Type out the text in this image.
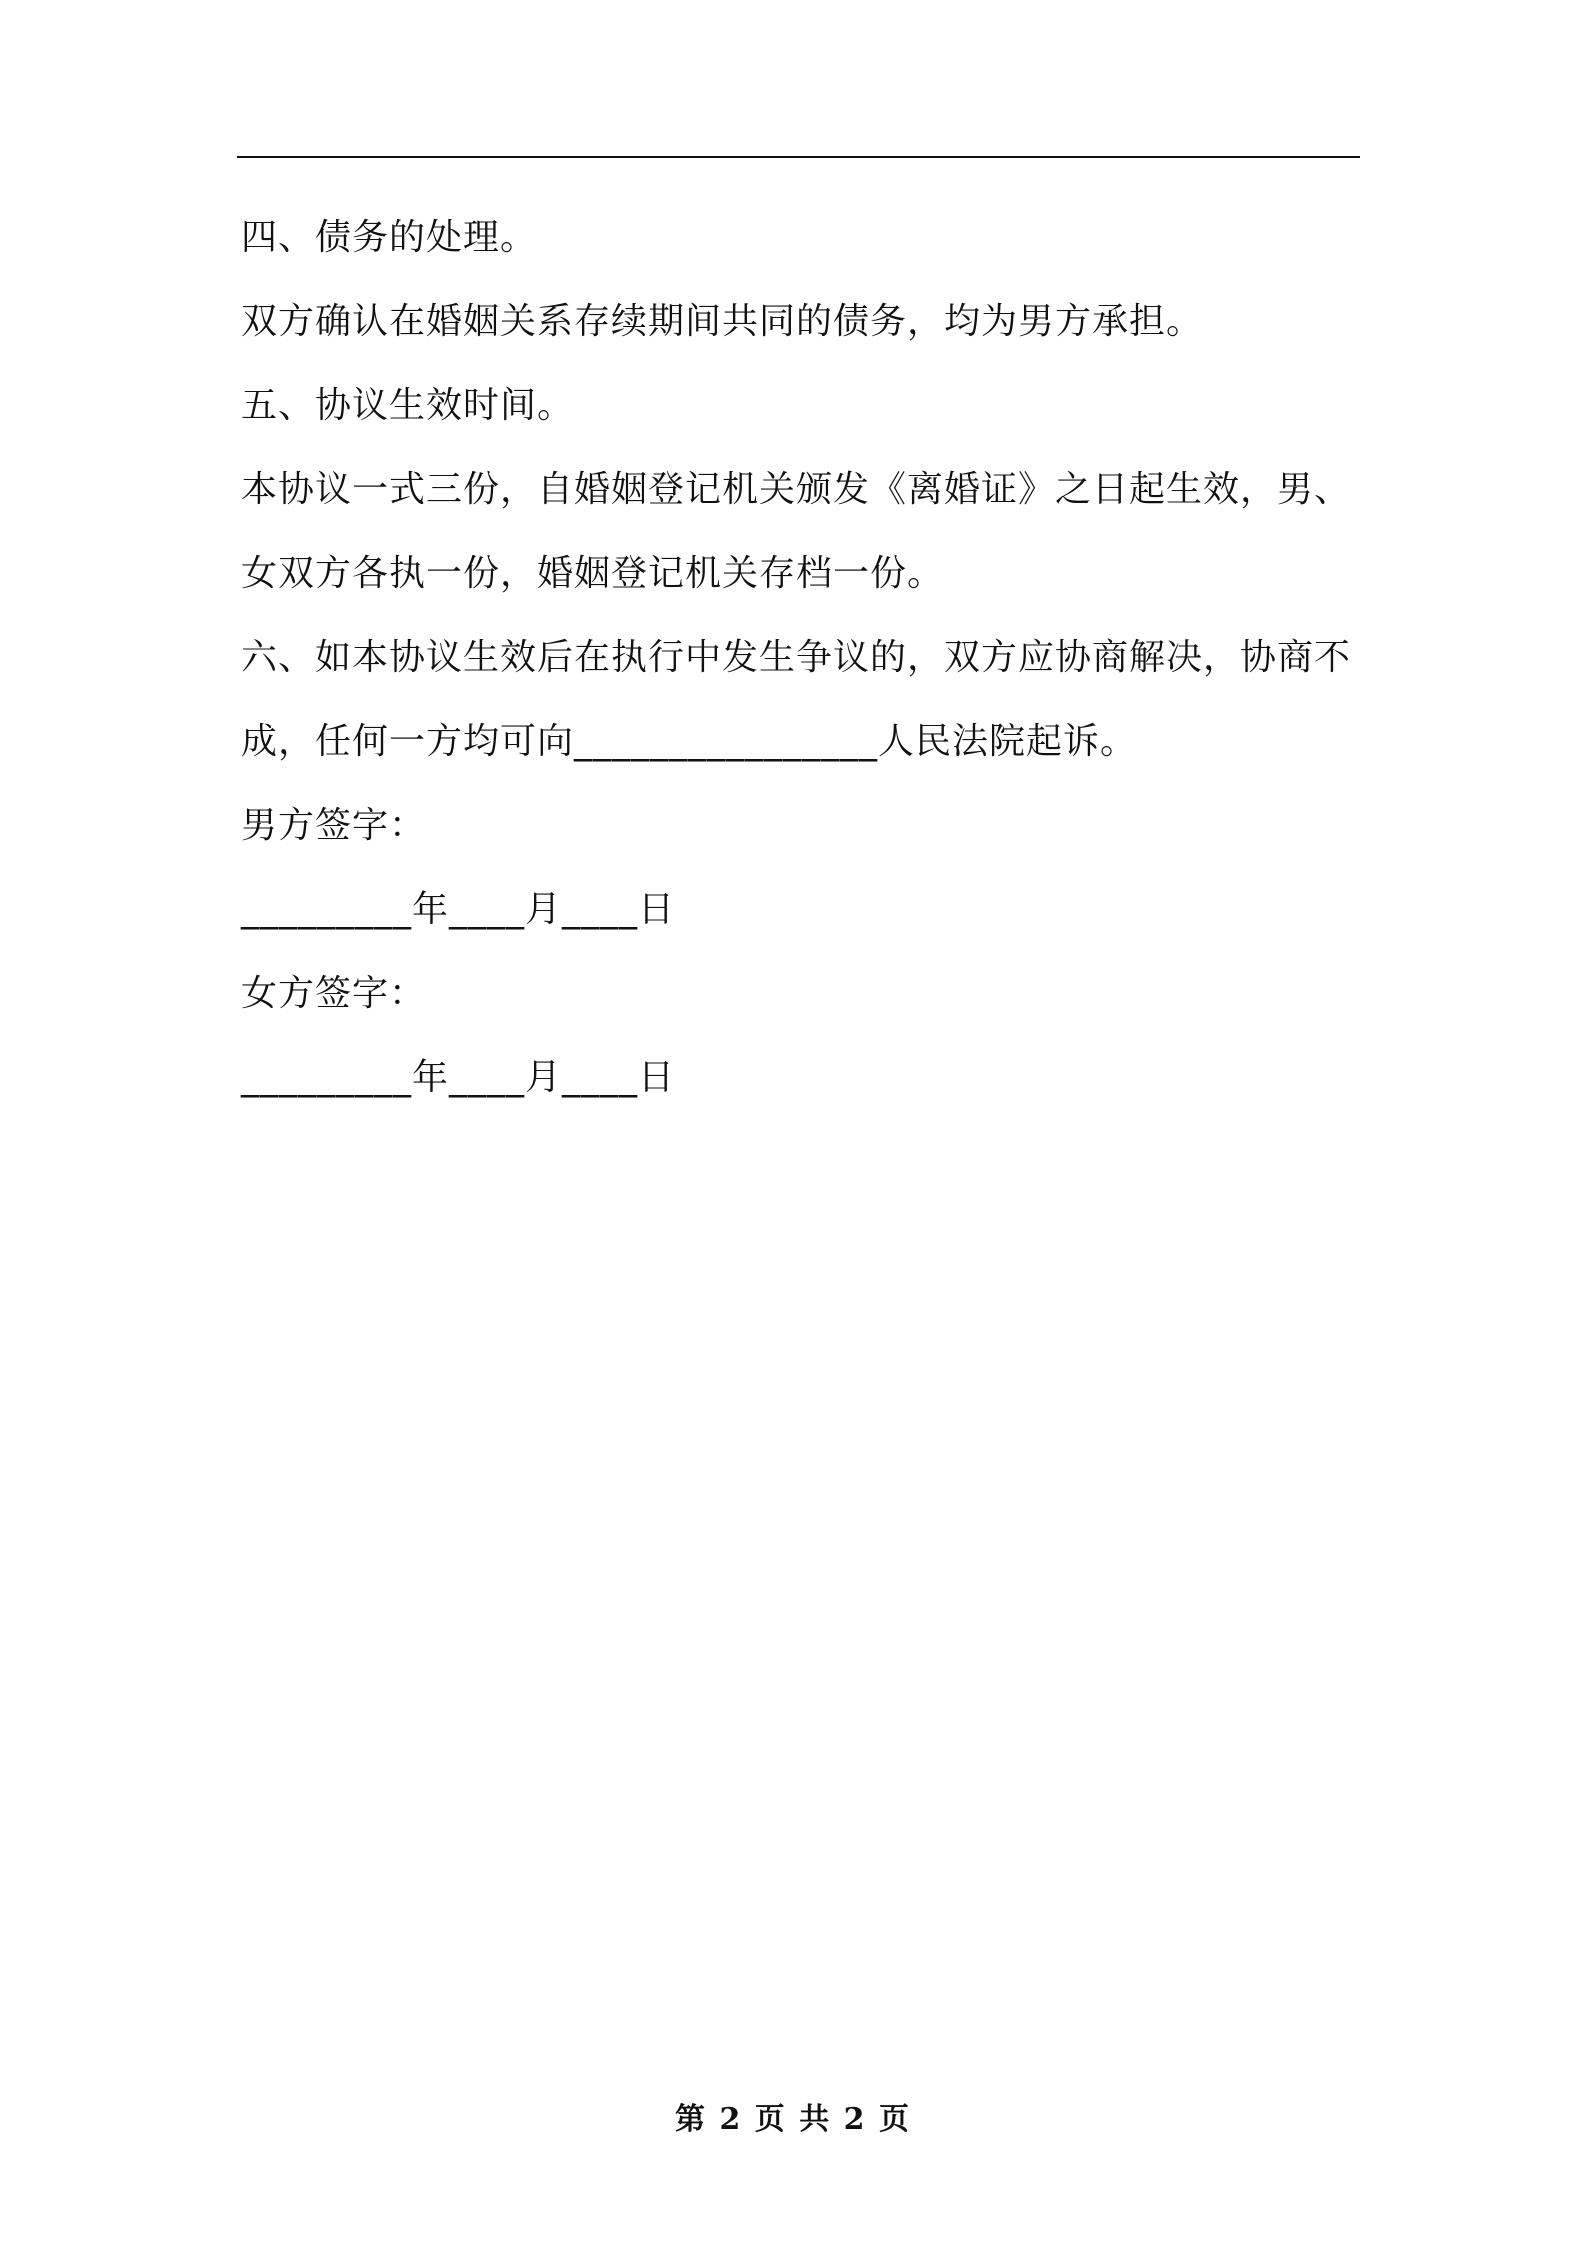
四、债务的处理。
双方确认在婚姻关系存续期间共同的债务，均为男方承担。
五、协议生效时间。
本协议一式三份，自婚姻登记机关颁发《离婚证》之日起生效，男、
女双方各执一份，婚姻登记机关存档一份。
六、如本协议生效后在执行中发生争议的，双方应协商解决，协商不
成，任何一方均可向________________人民法院起诉。
男方签字：
_________年____月____日
女方签字：
_________年____月____日
第 2 页 共 2 页
